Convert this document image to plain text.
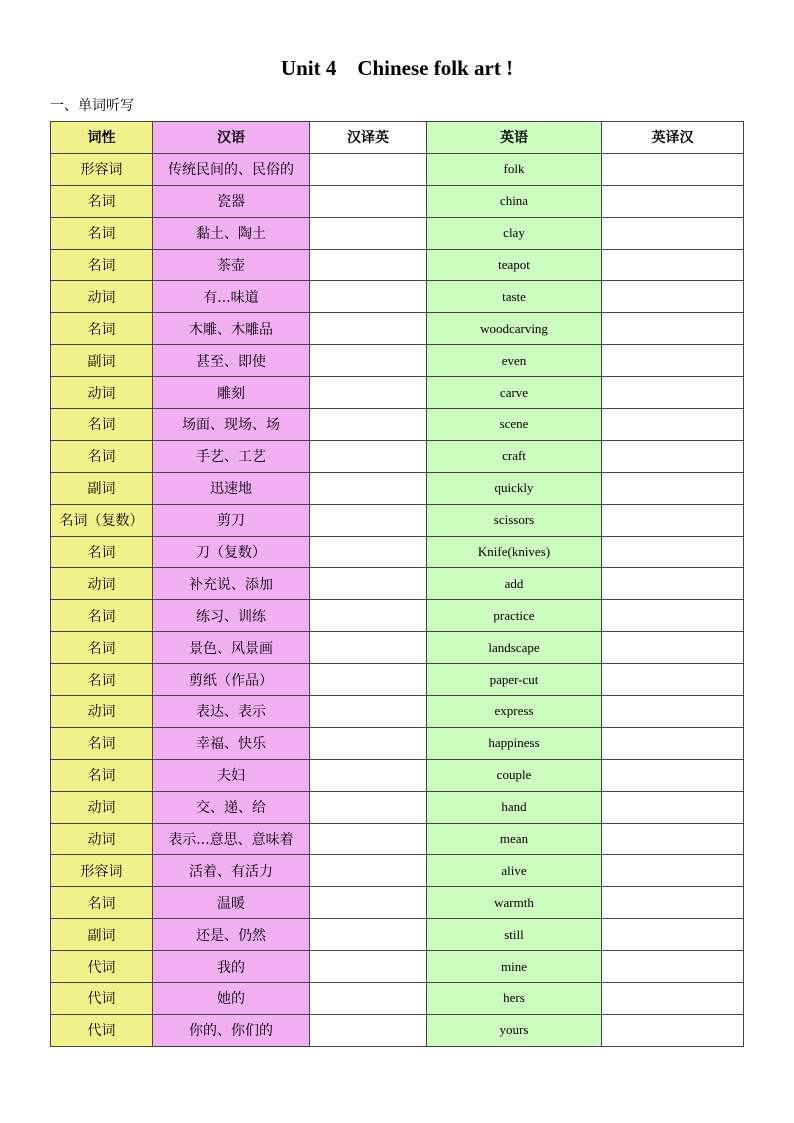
Unit 4    Chinese folk art !
一、单词听写
词性	汉语	汉译英	英语	英译汉
形容词	传统民间的、民俗的		folk	
名词	瓷器		china	
名词	黏土、陶土		clay	
名词	茶壶		teapot	
动词	有...味道		taste	
名词	木雕、木雕品		woodcarving	
副词	甚至、即使		even	
动词	雕刻		carve	
名词	场面、现场、场		scene	
名词	手艺、工艺		craft	
副词	迅速地		quickly	
名词（复数）	剪刀		scissors	
名词	刀（复数）		Knife(knives)	
动词	补充说、添加		add	
名词	练习、训练		practice	
名词	景色、风景画		landscape	
名词	剪纸（作品）		paper-cut	
动词	表达、表示		express	
名词	幸福、快乐		happiness	
名词	夫妇		couple	
动词	交、递、给		hand	
动词	表示...意思、意味着		mean	
形容词	活着、有活力		alive	
名词	温暖		warmth	
副词	还是、仍然		still	
代词	我的		mine	
代词	她的		hers	
代词	你的、你们的		yours	
